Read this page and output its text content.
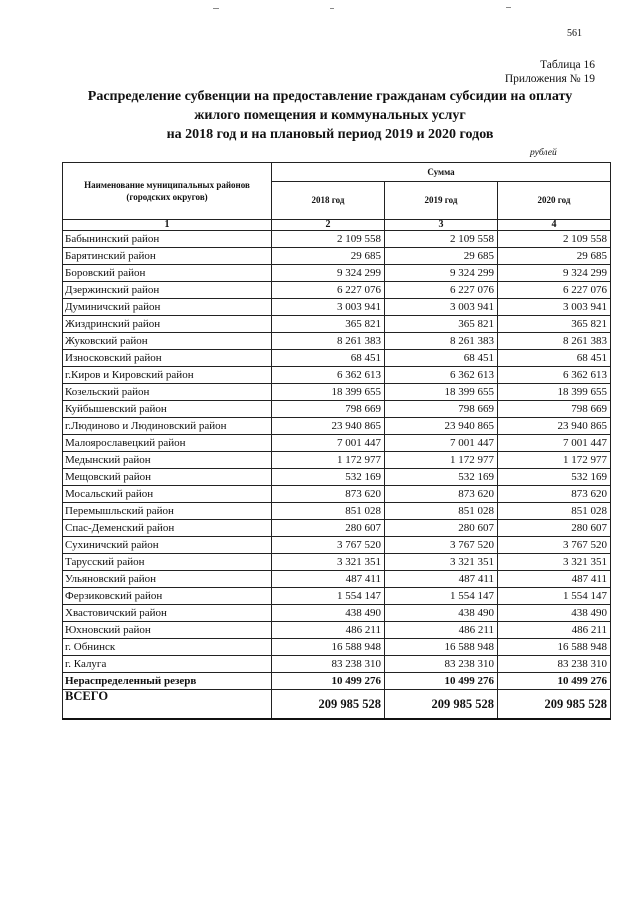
561
Таблица 16
Приложения № 19
Распределение субвенции на предоставление гражданам субсидии на оплату
жилого помещения и коммунальных услуг
на 2018 год и на плановый период 2019 и 2020 годов
рублей
Наименование муниципальных районов (городских округов)	Сумма		
	2018 год	2019 год	2020 год
1	2	3	4
Бабынинский район	2 109 558	2 109 558	2 109 558
Барятинский район	29 685	29 685	29 685
Боровский район	9 324 299	9 324 299	9 324 299
Дзержинский район	6 227 076	6 227 076	6 227 076
Думиничский район	3 003 941	3 003 941	3 003 941
Жиздринский район	365 821	365 821	365 821
Жуковский район	8 261 383	8 261 383	8 261 383
Износковский район	68 451	68 451	68 451
г.Киров и Кировский район	6 362 613	6 362 613	6 362 613
Козельский район	18 399 655	18 399 655	18 399 655
Куйбышевский район	798 669	798 669	798 669
г.Людиново и Людиновский район	23 940 865	23 940 865	23 940 865
Малоярославецкий район	7 001 447	7 001 447	7 001 447
Медынский район	1 172 977	1 172 977	1 172 977
Мещовский район	532 169	532 169	532 169
Мосальский район	873 620	873 620	873 620
Перемышльский район	851 028	851 028	851 028
Спас-Деменский район	280 607	280 607	280 607
Сухиничский район	3 767 520	3 767 520	3 767 520
Тарусский район	3 321 351	3 321 351	3 321 351
Ульяновский район	487 411	487 411	487 411
Ферзиковский район	1 554 147	1 554 147	1 554 147
Хвастовичский район	438 490	438 490	438 490
Юхновский район	486 211	486 211	486 211
г. Обнинск	16 588 948	16 588 948	16 588 948
г. Калуга	83 238 310	83 238 310	83 238 310
Нераспределенный резерв	10 499 276	10 499 276	10 499 276
ВСЕГО	209 985 528	209 985 528	209 985 528
